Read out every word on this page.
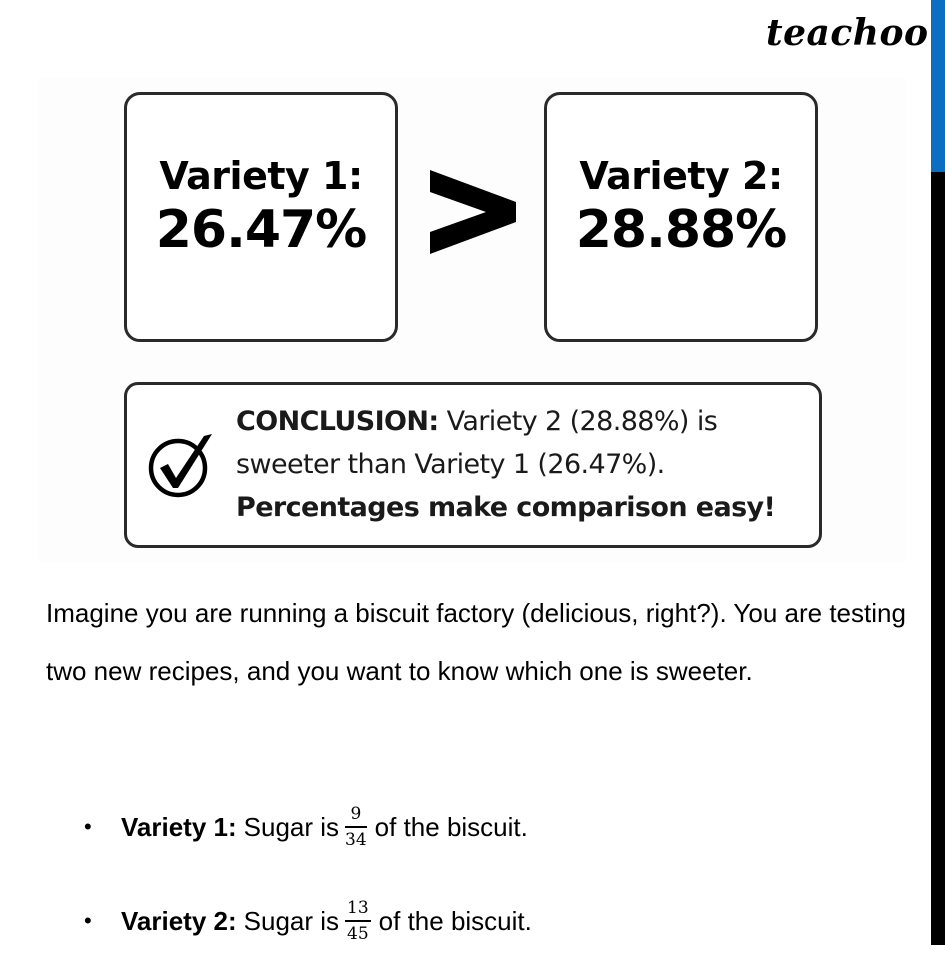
teachoo
Variety 1:
26.47%
Variety 2:
28.88%
CONCLUSION: Variety 2 (28.88%) is
sweeter than Variety 1 (26.47%).
Percentages make comparison easy!
Imagine you are running a biscuit factory (delicious, right?). You are testing two new recipes, and you want to know which one is sweeter.
•	Variety 1: Sugar is $\frac{9}{34}$ of the biscuit.
•	Variety 2: Sugar is $\frac{13}{45}$ of the biscuit.
